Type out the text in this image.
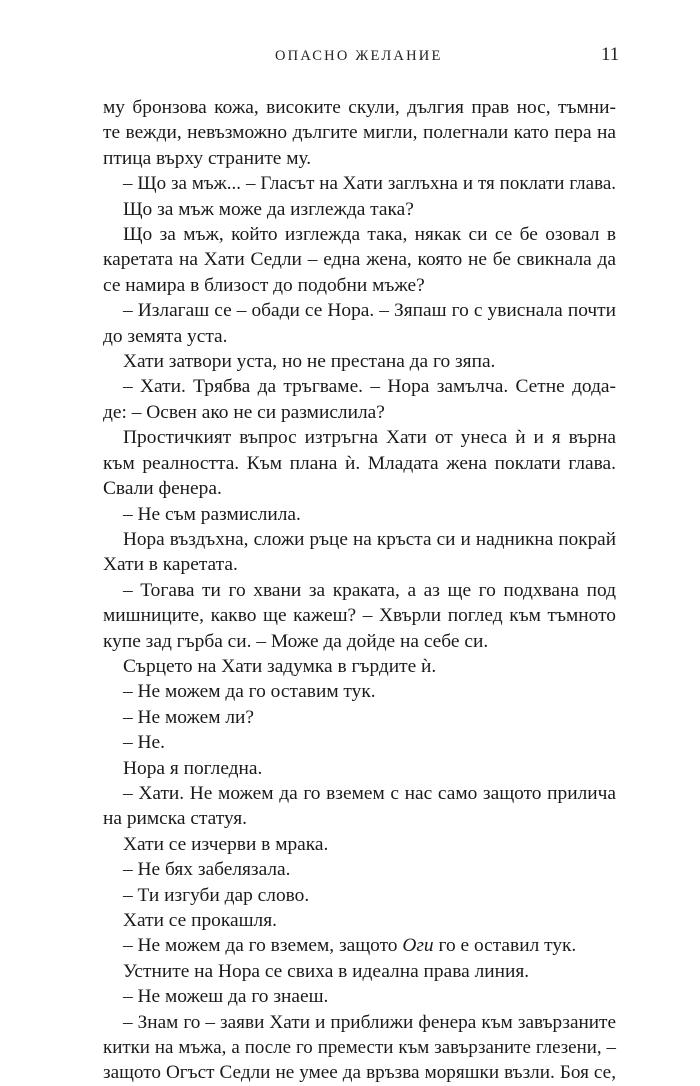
ОПАСНО ЖЕЛАНИЕ	11
му бронзова кожа, високите скули, дългия прав нос, тъмни-
те вежди, невъзможно дългите мигли, полегнали като пера на
птица върху страните му.
– Що за мъж... – Гласът на Хати заглъхна и тя поклати глава.
Що за мъж може да изглежда така?
Що за мъж, който изглежда така, някак си се бе озовал в
каретата на Хати Седли – една жена, която не бе свикнала да
се намира в близост до подобни мъже?
– Излагаш се – обади се Нора. – Зяпаш го с увиснала почти
до земята уста.
Хати затвори уста, но не престана да го зяпа.
– Хати. Трябва да тръгваме. – Нора замълча. Сетне дода-
де: – Освен ако не си размислила?
Простичкият въпрос изтръгна Хати от унеса ѝ и я върна
към реалността. Към плана ѝ. Младата жена поклати глава.
Свали фенера.
– Не съм размислила.
Нора въздъхна, сложи ръце на кръста си и надникна покрай
Хати в каретата.
– Тогава ти го хвани за краката, а аз ще го подхвана под
мишниците, какво ще кажеш? – Хвърли поглед към тъмното
купе зад гърба си. – Може да дойде на себе си.
Сърцето на Хати задумка в гърдите ѝ.
– Не можем да го оставим тук.
– Не можем ли?
– Не.
Нора я погледна.
– Хати. Не можем да го вземем с нас само защото прилича
на римска статуя.
Хати се изчерви в мрака.
– Не бях забелязала.
– Ти изгуби дар слово.
Хати се прокашля.
– Не можем да го вземем, защото Оги го е оставил тук.
Устните на Нора се свиха в идеална права линия.
– Не можеш да го знаеш.
– Знам го – заяви Хати и приближи фенера към завързаните
китки на мъжа, а после го премести към завързаните глезени, –
защото Огъст Седли не умее да връзва моряшки възли. Боя се,
